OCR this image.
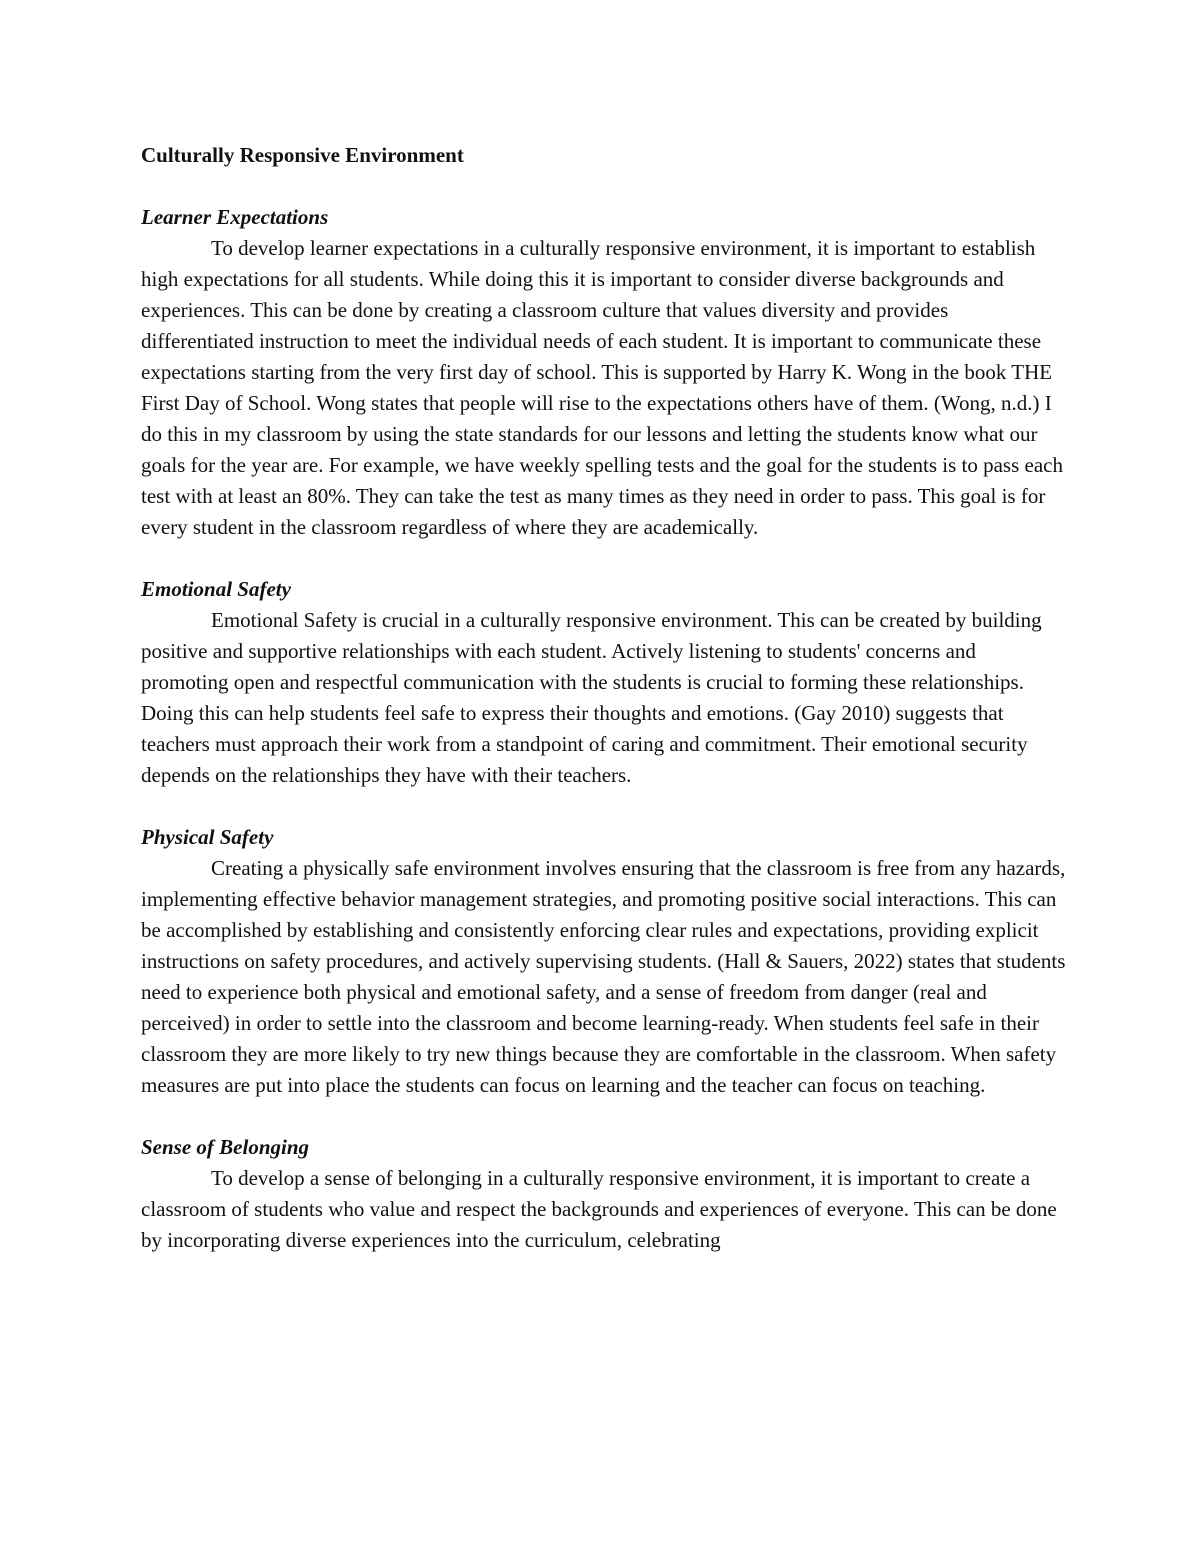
Culturally Responsive Environment
Learner Expectations

To develop learner expectations in a culturally responsive environment, it is important to establish high expectations for all students. While doing this it is important to consider diverse backgrounds and experiences. This can be done by creating a classroom culture that values diversity and provides differentiated instruction to meet the individual needs of each student. It is important to communicate these expectations starting from the very first day of school. This is supported by Harry K. Wong in the book THE First Day of School. Wong states that people will rise to the expectations others have of them. (Wong, n.d.) I do this in my classroom by using the state standards for our lessons and letting the students know what our goals for the year are. For example, we have weekly spelling tests and the goal for the students is to pass each test with at least an 80%. They can take the test as many times as they need in order to pass. This goal is for every student in the classroom regardless of where they are academically.

Emotional Safety

Emotional Safety is crucial in a culturally responsive environment. This can be created by building positive and supportive relationships with each student. Actively listening to students' concerns and promoting open and respectful communication with the students is crucial to forming these relationships. Doing this can help students feel safe to express their thoughts and emotions. (Gay 2010) suggests that teachers must approach their work from a standpoint of caring and commitment. Their emotional security depends on the relationships they have with their teachers.

Physical Safety

Creating a physically safe environment involves ensuring that the classroom is free from any hazards, implementing effective behavior management strategies, and promoting positive social interactions. This can be accomplished by establishing and consistently enforcing clear rules and expectations, providing explicit instructions on safety procedures, and actively supervising students. (Hall & Sauers, 2022) states that students need to experience both physical and emotional safety, and a sense of freedom from danger (real and perceived) in order to settle into the classroom and become learning-ready. When students feel safe in their classroom they are more likely to try new things because they are comfortable in the classroom. When safety measures are put into place the students can focus on learning and the teacher can focus on teaching.

Sense of Belonging

To develop a sense of belonging in a culturally responsive environment, it is important to create a classroom of students who value and respect the backgrounds and experiences of everyone. This can be done by incorporating diverse experiences into the curriculum, celebrating
